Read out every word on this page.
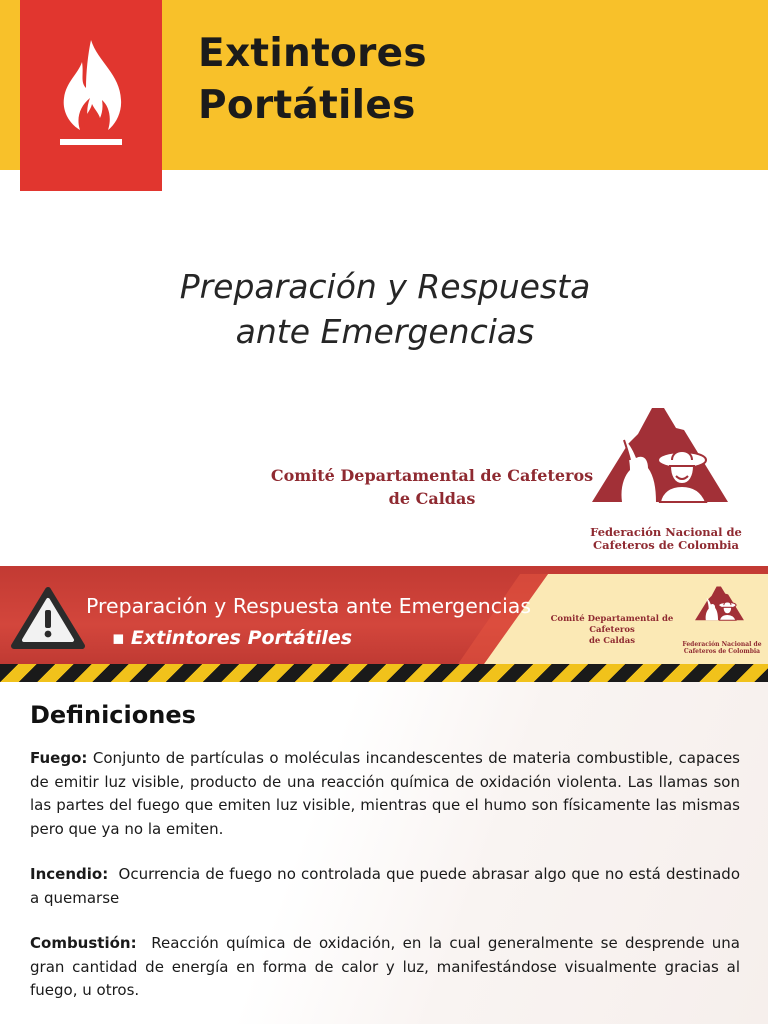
Extintores
Portátiles
Preparación y Respuesta
ante Emergencias
Comité Departamental de Cafeteros
de Caldas
Federación Nacional de
Cafeteros de Colombia
Preparación y Respuesta ante Emergencias
▪ Extintores Portátiles
Comité Departamental de Cafeteros
de Caldas	Federación Nacional de
Cafeteros de Colombia
Definiciones
Fuego: Conjunto de partículas o moléculas incandescentes de materia combustible, capaces de emitir luz visible, producto de una reacción química de oxidación violenta. Las llamas son las partes del fuego que emiten luz visible, mientras que el humo son físicamente las mismas pero que ya no la emiten.
Incendio: Ocurrencia de fuego no controlada que puede abrasar algo que no está destinado a quemarse
Combustión: Reacción química de oxidación, en la cual generalmente se desprende una gran cantidad de energía en forma de calor y luz, manifestándose visualmente gracias al fuego, u otros.
